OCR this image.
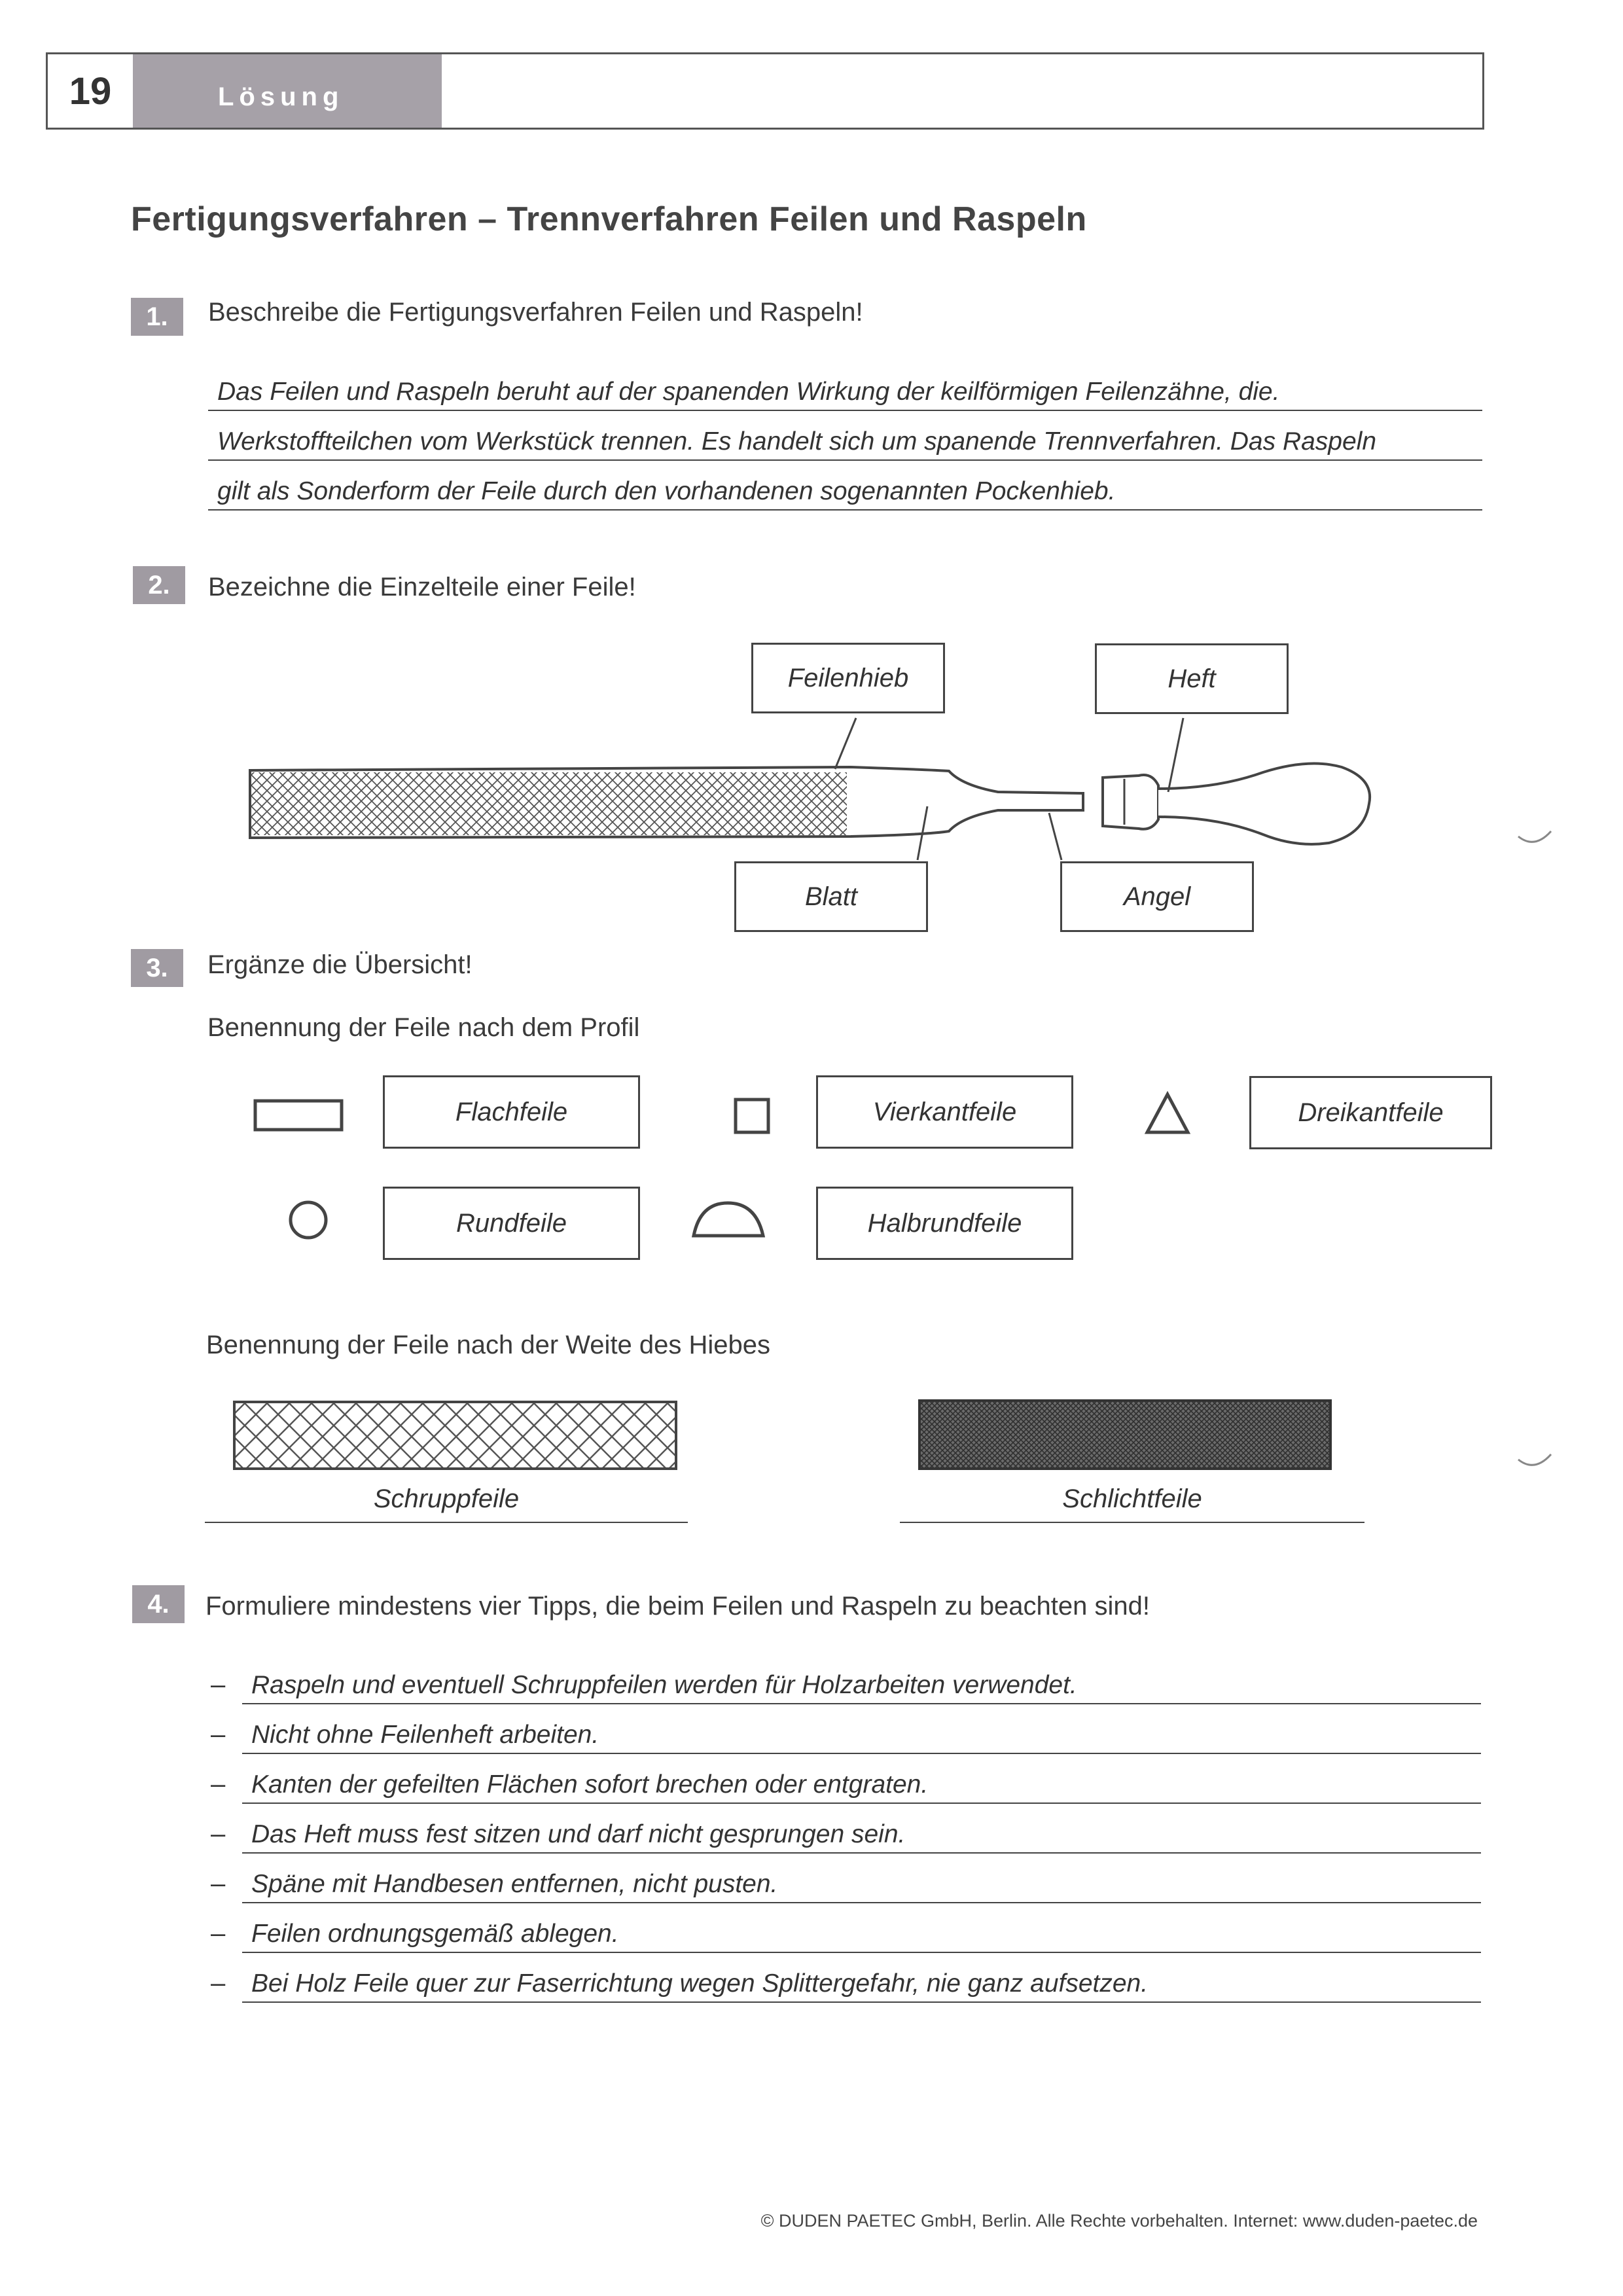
19	Lösung
Fertigungsverfahren – Trennverfahren Feilen und Raspeln
1.	Beschreibe die Fertigungsverfahren Feilen und Raspeln!
Das Feilen und Raspeln beruht auf der spanenden Wirkung der keilförmigen Feilenzähne, die.
Werkstoffteilchen vom Werkstück trennen. Es handelt sich um spanende Trennverfahren. Das Raspeln
gilt als Sonderform der Feile durch den vorhandenen sogenannten Pockenhieb.
2.	Bezeichne die Einzelteile einer Feile!
Feilenhieb	Heft
Blatt	Angel
3.	Ergänze die Übersicht!
Benennung der Feile nach dem Profil
Flachfeile	Vierkantfeile	Dreikantfeile
Rundfeile	Halbrundfeile
Benennung der Feile nach der Weite des Hiebes
Schruppfeile	Schlichtfeile
4.	Formuliere mindestens vier Tipps, die beim Feilen und Raspeln zu beachten sind!
–	Raspeln und eventuell Schruppfeilen werden für Holzarbeiten verwendet.
–	Nicht ohne Feilenheft arbeiten.
–	Kanten der gefeilten Flächen sofort brechen oder entgraten.
–	Das Heft muss fest sitzen und darf nicht gesprungen sein.
–	Späne mit Handbesen entfernen, nicht pusten.
–	Feilen ordnungsgemäß ablegen.
–	Bei Holz Feile quer zur Faserrichtung wegen Splittergefahr, nie ganz aufsetzen.
© DUDEN PAETEC GmbH, Berlin. Alle Rechte vorbehalten. Internet: www.duden-paetec.de
